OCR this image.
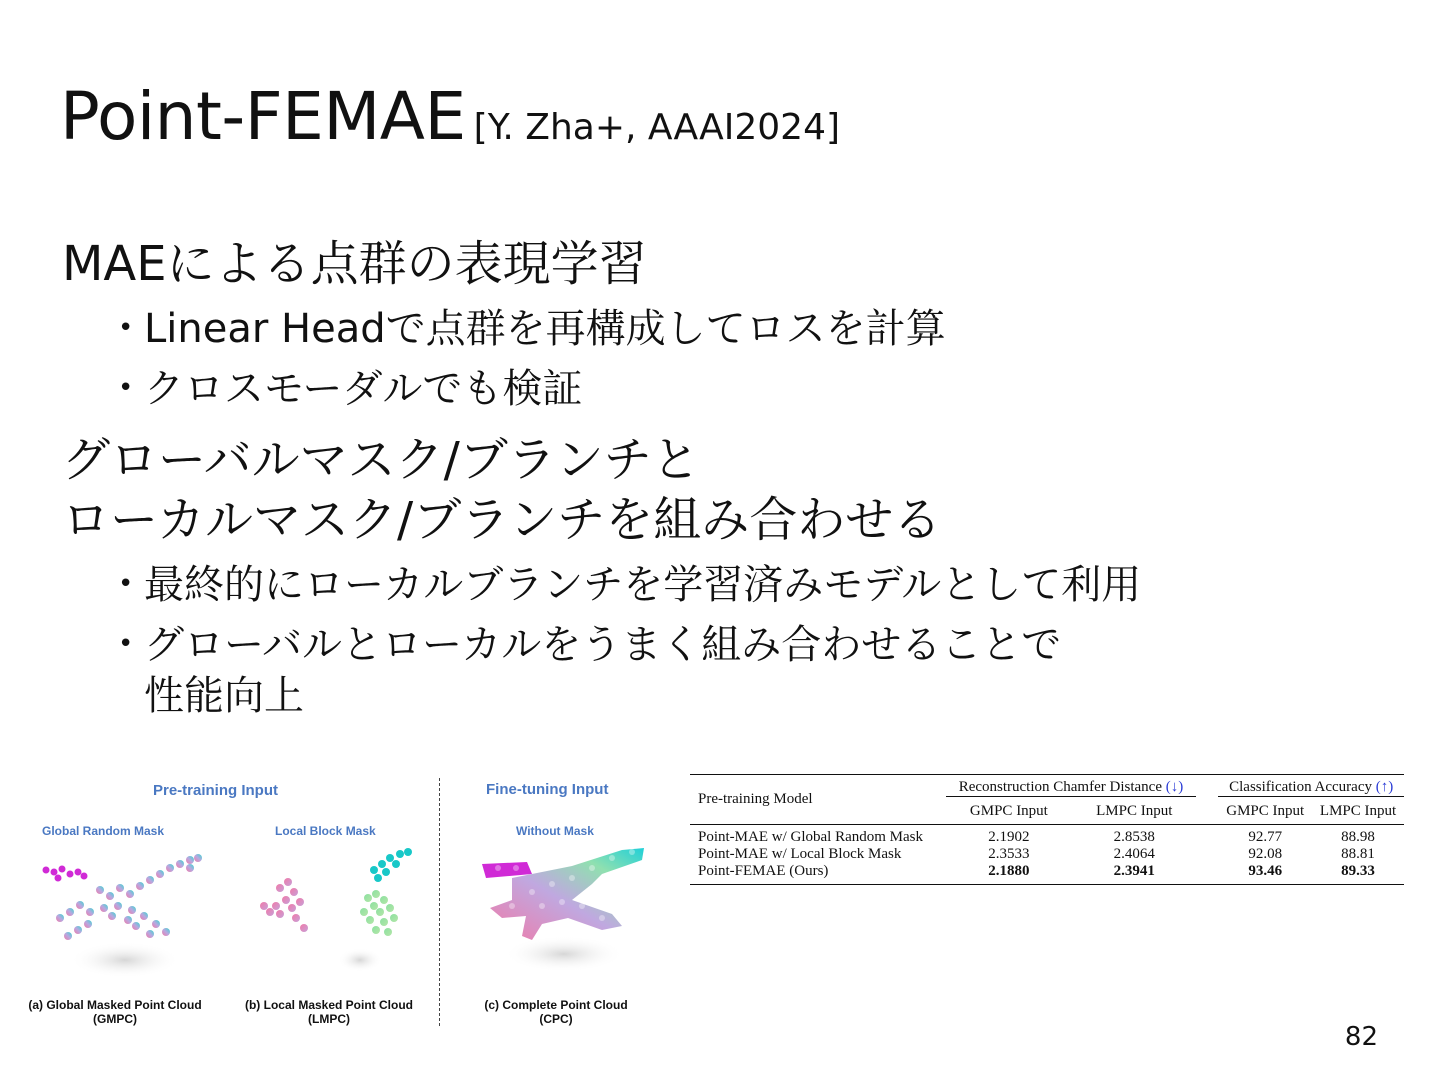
Point-FEMAE [Y. Zha+, AAAI2024]
MAEによる点群の表現学習
• Linear Headで点群を再構成してロスを計算
• クロスモーダルでも検証
グローバルマスク/ブランチと
ローカルマスク/ブランチを組み合わせる
• 最終的にローカルブランチを学習済みモデルとして利用
• グローバルとローカルをうまく組み合わせることで
性能向上
Pre-training Input	Fine-tuning Input
Global Random Mask	Local Block Mask	Without Mask
(a) Global Masked Point Cloud
(GMPC)
(b) Local Masked Point Cloud
(LMPC)
(c) Complete Point Cloud
(CPC)
Pre-training Model	Reconstruction Chamfer Distance (↓)			Classification Accuracy (↑)	
	GMPC Input	LMPC Input		GMPC Input	LMPC Input
Point-MAE w/ Global Random Mask	2.1902	2.8538		92.77	88.98
Point-MAE w/ Local Block Mask	2.3533	2.4064		92.08	88.81
Point-FEMAE (Ours)	2.1880	2.3941		93.46	89.33
82
